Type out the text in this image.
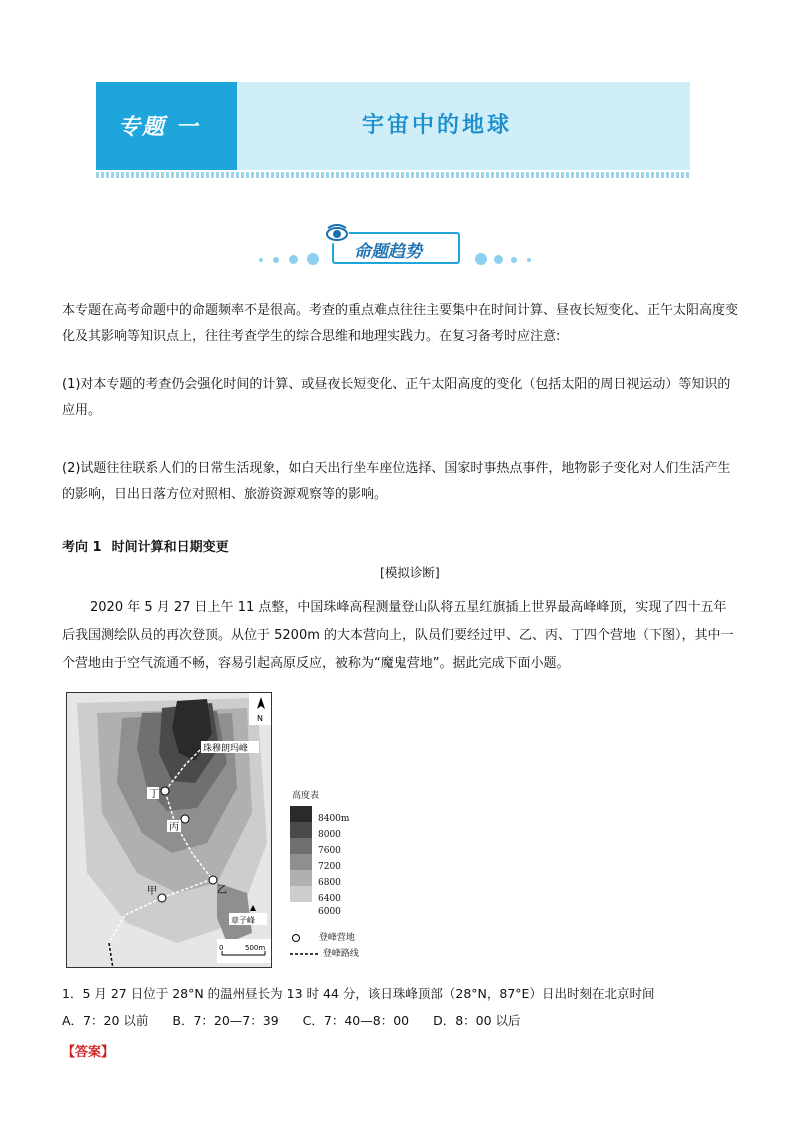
专题 一	宇宙中的地球
命题趋势

本专题在高考命题中的命题频率不是很高。考查的重点难点往往主要集中在时间计算、昼夜长短变化、正午太阳高度变化及其影响等知识点上，往往考查学生的综合思维和地理实践力。在复习备考时应注意:

(1)对本专题的考查仍会强化时间的计算、或昼夜长短变化、正午太阳高度的变化（包括太阳的周日视运动）等知识的应用。

(2)试题往往联系人们的日常生活现象，如白天出行坐车座位选择、国家时事热点事件，地物影子变化对人们生活产生的影响，日出日落方位对照相、旅游资源观察等的影响。

考向 1 时间计算和日期变更
[模拟诊断]

2020 年 5 月 27 日上午 11 点整，中国珠峰高程测量登山队将五星红旗插上世界最高峰峰顶，实现了四十五年后我国测绘队员的再次登顶。从位于 5200m 的大本营向上，队员们要经过甲、乙、丙、丁四个营地（下图），其中一个营地由于空气流通不畅，容易引起高原反应，被称为“魔鬼营地”。据此完成下面小题。

珠穆朗玛峰
丁
丙
乙
甲
章子峰
0	500m
N
高度表
8400m
8000
7600
7200
6800
6400
6000
登峰营地
登峰路线
1．5 月 27 日位于 28°N 的温州昼长为 13 时 44 分，该日珠峰顶部（28°N，87°E）日出时刻在北京时间
A．7：20 以前 B．7：20—7：39 C．7：40—8：00 D．8：00 以后
【答案】
